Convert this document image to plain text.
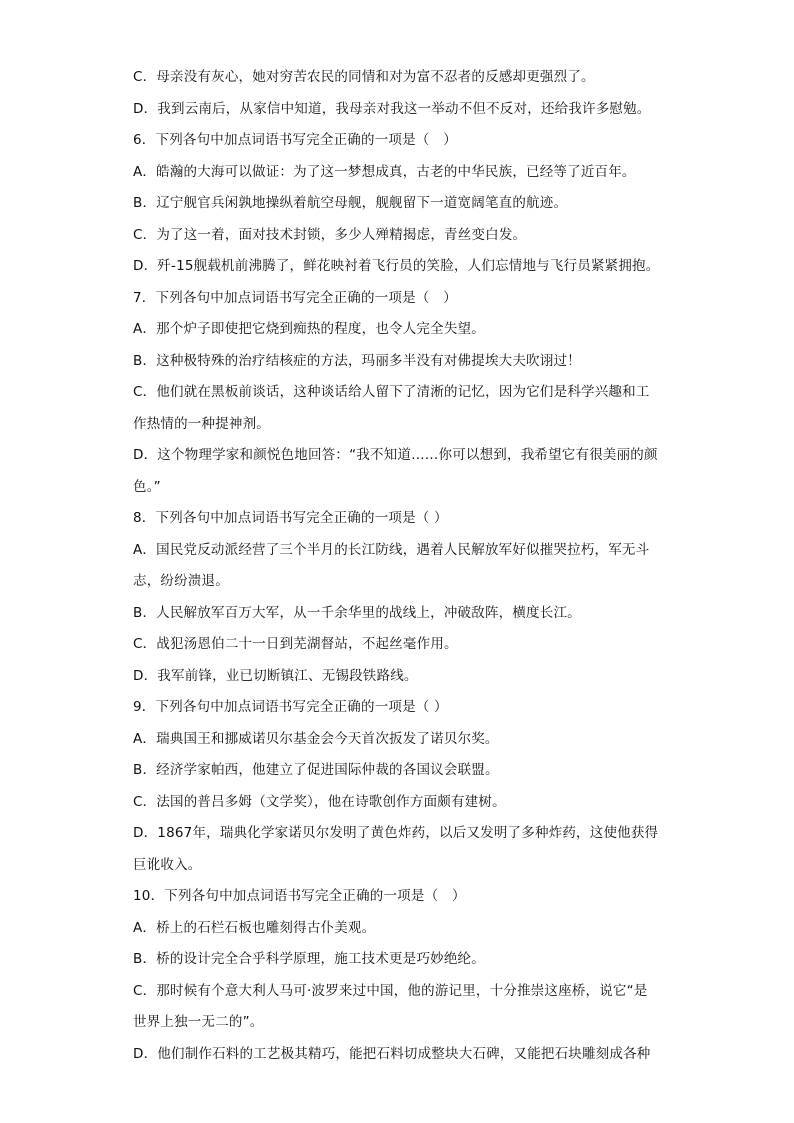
C．母亲没有灰心，她对穷苦农民的同情和对为富不忍者的反感却更强烈了。
D．我到云南后，从家信中知道，我母亲对我这一举动不但不反对，还给我许多慰勉。
6．下列各句中加点词语书写完全正确的一项是（　）
A．皓瀚的大海可以做证：为了这一梦想成真，古老的中华民族，已经等了近百年。
B．辽宁舰官兵闲孰地操纵着航空母舰，舰舰留下一道宽阔笔直的航迹。
C．为了这一着，面对技术封锁，多少人殚精揭虑，青丝变白发。
D．歼-15舰载机前沸腾了，鲜花映衬着飞行员的笑脸，人们忘情地与飞行员紧紧拥抱。
7．下列各句中加点词语书写完全正确的一项是（　）
A．那个炉子即使把它烧到痴热的程度，也令人完全失望。
B．这种极特殊的治疗结核症的方法，玛丽多半没有对佛提埃大夫吹诩过！
C．他们就在黑板前谈话，这种谈话给人留下了清淅的记忆，因为它们是科学兴趣和工
作热情的一种提神剂。
D．这个物理学家和颜悦色地回答：“我不知道……你可以想到，我希望它有很美丽的颜
色。”
8．下列各句中加点词语书写完全正确的一项是（ ）
A．国民党反动派经营了三个半月的长江防线，遇着人民解放军好似摧哭拉朽，军无斗
志，纷纷溃退。
B．人民解放军百万大军，从一千余华里的战线上，冲破敌阵，横度长江。
C．战犯汤恩伯二十一日到芜湖督站，不起丝毫作用。
D．我军前锋，业已切断镇江、无锡段铁路线。
9．下列各句中加点词语书写完全正确的一项是（ ）
A．瑞典国王和挪威诺贝尔基金会今天首次扳发了诺贝尔奖。
B．经济学家帕西，他建立了促进国际仲裁的各国议会联盟。
C．法国的普吕多姆（文学奖），他在诗歌创作方面颇有建树。
D．1867年，瑞典化学家诺贝尔发明了黄色炸药，以后又发明了多种炸药，这使他获得
巨讹收入。
10．下列各句中加点词语书写完全正确的一项是（　）
A．桥上的石栏石板也雕刻得古仆美观。
B．桥的设计完全合乎科学原理，施工技术更是巧妙绝纶。
C．那时候有个意大利人马可·波罗来过中国，他的游记里，十分推崇这座桥，说它“是
世界上独一无二的”。
D．他们制作石料的工艺极其精巧，能把石料切成整块大石碑，又能把石块雕刻成各种
